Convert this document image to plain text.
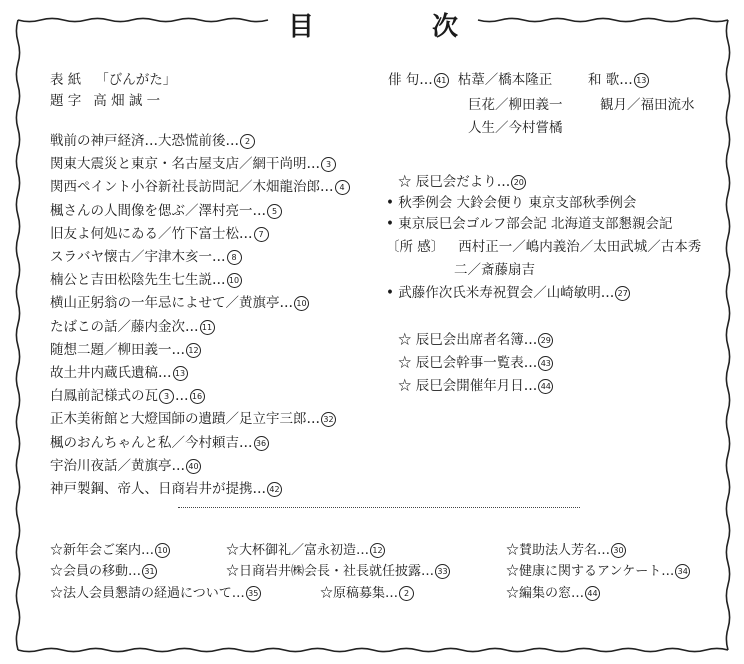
目	次
表 紙 「びんがた」
題 字 高 畑 誠 一
戦前の神戸経済…大恐慌前後… 2
関東大震災と東京・名古屋支店／網干尚明… 3
関西ペイント小谷新社長訪問記／木畑龍治郎… 4
楓さんの人間像を偲ぶ／澤村亮一… 5
旧友よ何処にゐる／竹下富士松… 7
スラバヤ懐古／宇津木亥一… 8
楠公と吉田松陰先生七生説… 10
横山正躬翁の一年忌によせて／黄旗亭… 10
たばこの話／藤内金次… 11
随想二題／柳田義一… 12
故土井内蔵氏遺稿… 13
白鳳前記様式の瓦 3 … 16
正木美術館と大燈国師の遺蹟／足立宇三郎… 32
楓のおんちゃんと私／今村頼吉… 36
宇治川夜話／黄旗亭… 40
神戸製鋼、帝人、日商岩井が提携… 42
俳 句… 41 枯葦／橋本隆正	和 歌… 13
巨花／柳田義一	観月／福田流水
人生／今村嘗橘
☆ 辰巳会だより… 20
• 秋季例会 大鈴会便り 東京支部秋季例会
• 東京辰巳会ゴルフ部会記 北海道支部懇親会記
〔所 感〕 西村正一／嶋内義治／太田武城／古本秀
二／斎藤扇吉
• 武藤作次氏米寿祝賀会／山崎敏明… 27
☆ 辰巳会出席者名簿… 29
☆ 辰巳会幹事一覧表… 43
☆ 辰巳会開催年月日… 44
☆新年会ご案内… 10	☆大杯御礼／富永初造… 12	☆賛助法人芳名… 30
☆会員の移動… 31	☆日商岩井㈱会長・社長就任披露… 33	☆健康に関するアンケート… 34
☆法人会員懇請の経過について… 35	☆原稿募集… 2	☆編集の窓… 44
